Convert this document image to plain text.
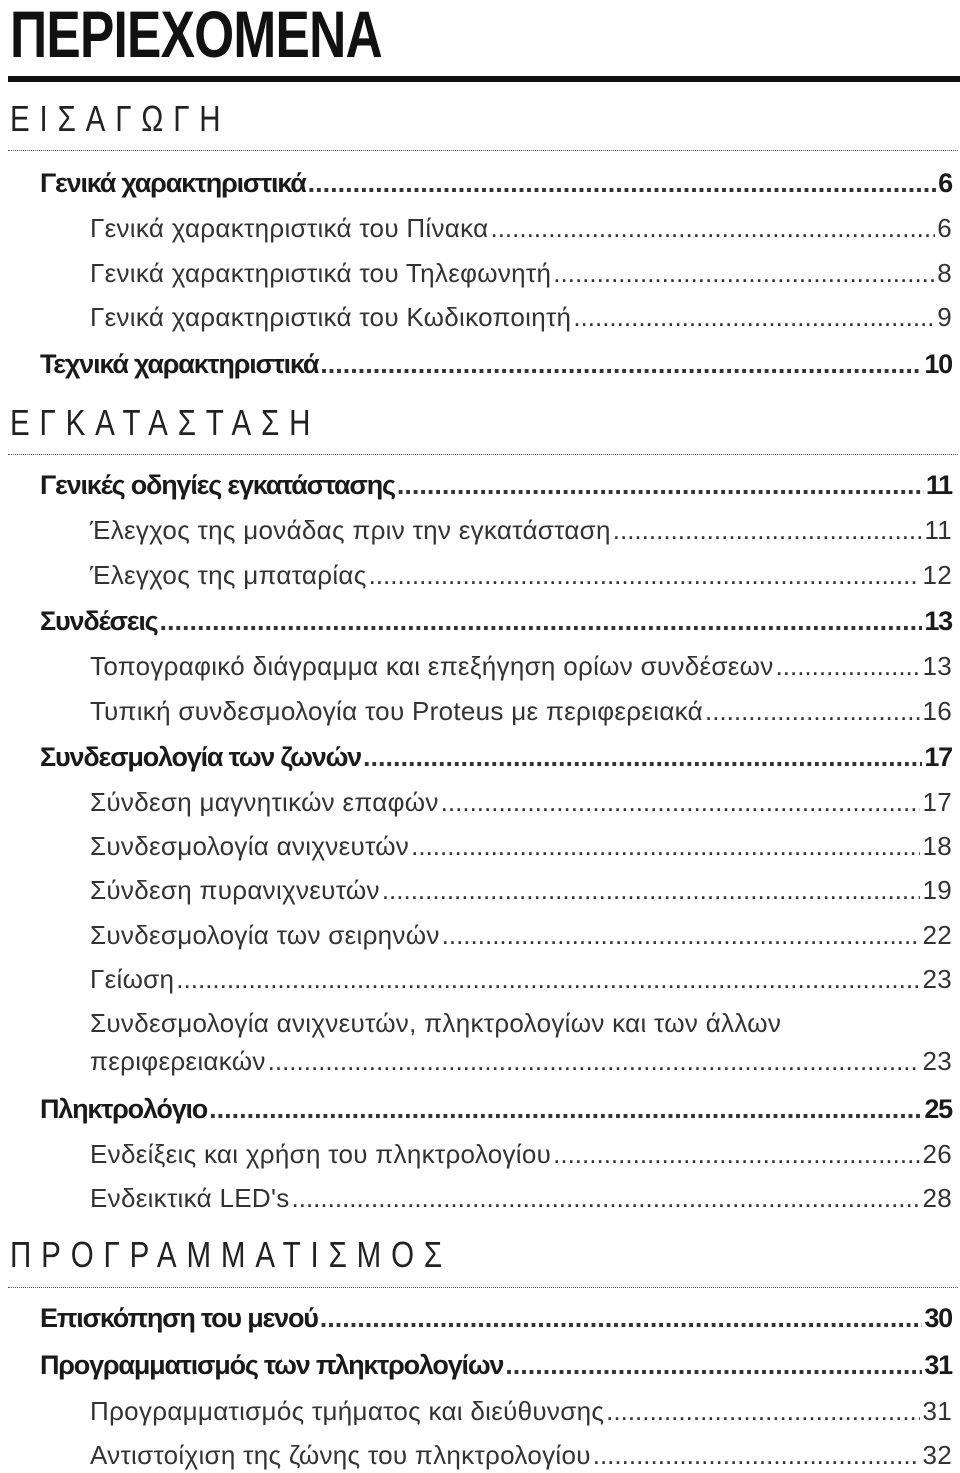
ΠΕΡΙΕΧΟΜΕΝΑ
ΕΙΣΑΓΩΓΗ
Γενικά χαρακτηριστικά .....	6
Γενικά χαρακτηριστικά του Πίνακα .....	6
Γενικά χαρακτηριστικά του Τηλεφωνητή .....	8
Γενικά χαρακτηριστικά του Κωδικοποιητή .....	9
Τεχνικά χαρακτηριστικά .....	10
ΕΓΚΑΤΑΣΤΑΣΗ
Γενικές οδηγίες εγκατάστασης .....	11
Έλεγχος της μονάδας πριν την εγκατάσταση .....	11
Έλεγχος της μπαταρίας .....	12
Συνδέσεις .....	13
Τοπογραφικό διάγραμμα και επεξήγηση ορίων συνδέσεων .....	13
Τυπική συνδεσμολογία του Proteus με περιφερειακά .....	16
Συνδεσμολογία των ζωνών .....	17
Σύνδεση μαγνητικών επαφών .....	17
Συνδεσμολογία ανιχνευτών .....	18
Σύνδεση πυρανιχνευτών .....	19
Συνδεσμολογία των σειρηνών .....	22
Γείωση .....	23
Συνδεσμολογία ανιχνευτών, πληκτρολογίων και των άλλων
περιφερειακών .....	23
Πληκτρολόγιο .....	25
Ενδείξεις και χρήση του πληκτρολογίου .....	26
Ενδεικτικά LED's .....	28
ΠΡΟΓΡΑΜΜΑΤΙΣΜΟΣ
Επισκόπηση του μενού .....	30
Προγραμματισμός των πληκτρολογίων .....	31
Προγραμματισμός τμήματος και διεύθυνσης .....	31
Αντιστοίχιση της ζώνης του πληκτρολογίου .....	32
